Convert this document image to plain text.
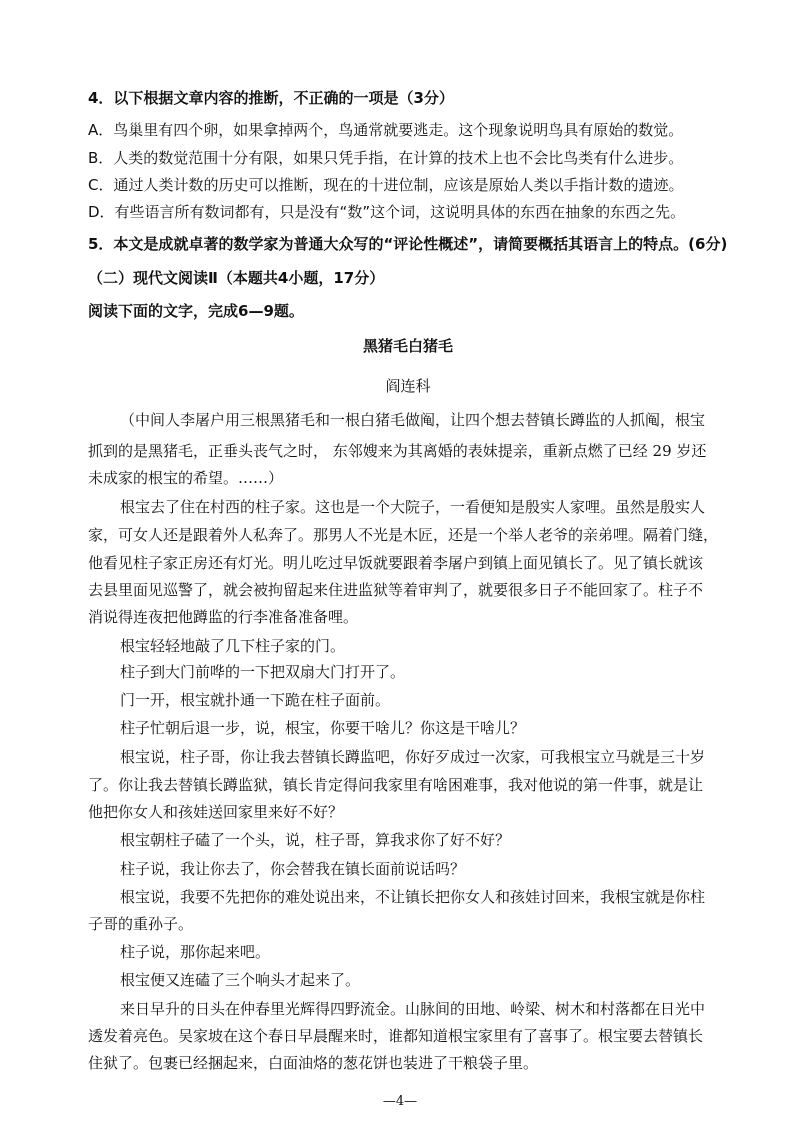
4．以下根据文章内容的推断，不正确的一项是（3分）
A．鸟巢里有四个卵，如果拿掉两个，鸟通常就要逃走。这个现象说明鸟具有原始的数觉。
B．人类的数觉范围十分有限，如果只凭手指，在计算的技术上也不会比鸟类有什么进步。
C．通过人类计数的历史可以推断，现在的十进位制，应该是原始人类以手指计数的遗迹。
D．有些语言所有数词都有，只是没有“数”这个词，这说明具体的东西在抽象的东西之先。
5．本文是成就卓著的数学家为普通大众写的“评论性概述”，请简要概括其语言上的特点。(6分)
（二）现代文阅读Ⅱ（本题共4小题，17分）
阅读下面的文字，完成6—9题。
黑猪毛白猪毛
阎连科
（中间人李屠户用三根黑猪毛和一根白猪毛做阄，让四个想去替镇长蹲监的人抓阄，根宝
抓到的是黑猪毛，正垂头丧气之时， 东邻嫂来为其离婚的表妹提亲，重新点燃了已经 29 岁还
未成家的根宝的希望。……）
根宝去了住在村西的柱子家。这也是一个大院子，一看便知是殷实人家哩。虽然是殷实人
家，可女人还是跟着外人私奔了。那男人不光是木匠，还是一个举人老爷的亲弟哩。隔着门缝，
他看见柱子家正房还有灯光。明儿吃过早饭就要跟着李屠户到镇上面见镇长了。见了镇长就该
去县里面见巡警了，就会被拘留起来住进监狱等着审判了，就要很多日子不能回家了。柱子不
消说得连夜把他蹲监的行李准备准备哩。
根宝轻轻地敲了几下柱子家的门。
柱子到大门前哗的一下把双扇大门打开了。
门一开，根宝就扑通一下跪在柱子面前。
柱子忙朝后退一步，说，根宝，你要干啥儿？你这是干啥儿？
根宝说，柱子哥，你让我去替镇长蹲监吧，你好歹成过一次家，可我根宝立马就是三十岁
了。你让我去替镇长蹲监狱，镇长肯定得问我家里有啥困难事，我对他说的第一件事，就是让
他把你女人和孩娃送回家里来好不好？
根宝朝柱子磕了一个头，说，柱子哥，算我求你了好不好？
柱子说，我让你去了，你会替我在镇长面前说话吗？
根宝说，我要不先把你的难处说出来，不让镇长把你女人和孩娃讨回来，我根宝就是你柱
子哥的重孙子。
柱子说，那你起来吧。
根宝便又连磕了三个响头才起来了。
来日早升的日头在仲春里光辉得四野流金。山脉间的田地、岭梁、树木和村落都在日光中
透发着亮色。吴家坡在这个春日早晨醒来时，谁都知道根宝家里有了喜事了。根宝要去替镇长
住狱了。包裹已经捆起来，白面油烙的葱花饼也装进了干粮袋子里。
—4—
